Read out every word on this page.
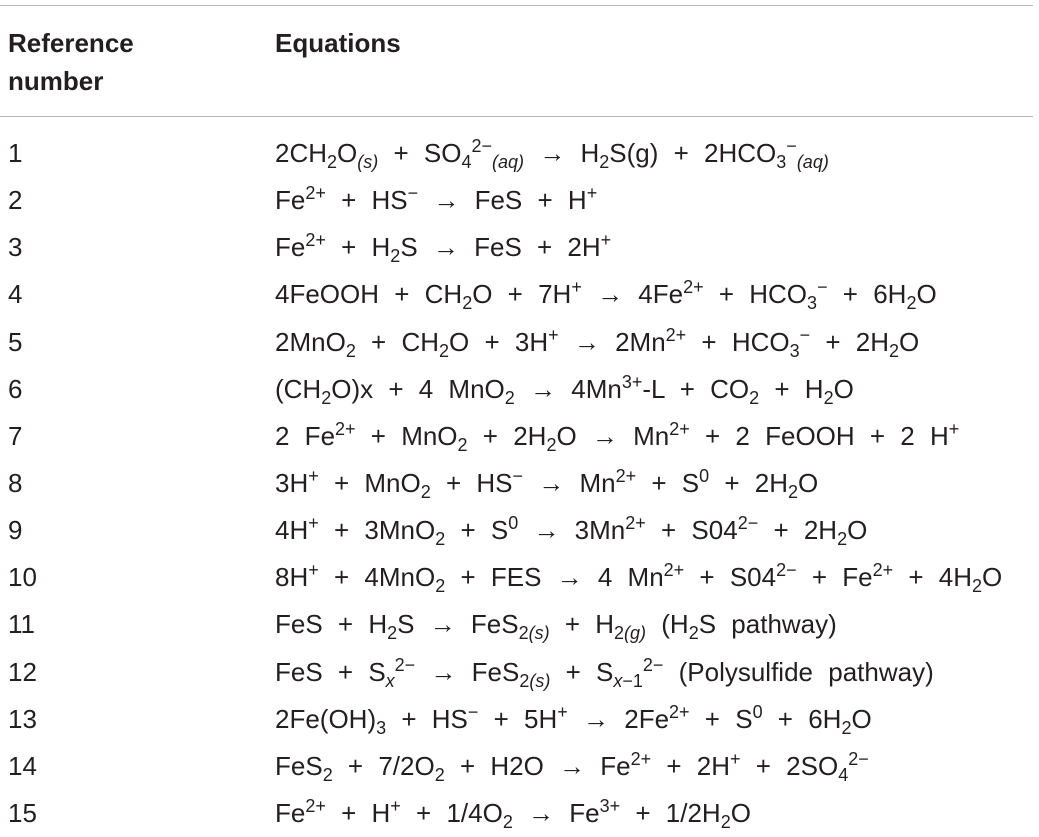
Reference number
Equations
1	$2CH_2O_{(s)} + SO_4^{2-}_{(aq)} \to H_2S(g) + 2HCO_3^-_{(aq)}$
2	$Fe^{2+} + HS^-$ → FeS + H+
3	$Fe^{2+} + H_2S$ → FeS + 2H+
4	4FeOOH + $CH_2O + 7H^+ \to 4Fe^{2+} + HCO_3^- + 6H_2O$
5	$2MnO_2 + CH_2O + 3H^+ \to 2Mn^{2+} + HCO_3^- + 2H_2O$
6	$(CH_2O)x + 4$ $MnO_2 \to 4Mn^{3+}-L + CO_2 + H_2O$
7	2 $Fe^{2+} + MnO_2 + 2H_2O \to Mn^{2+} + 2$ FeOOH + 2 H+
8	$3H^+ + MnO_2 + HS^- \to Mn^{2+} + S^0 + 2H_2O$
9	$4H^+ + 3MnO_2 + S^0 \to 3Mn^{2+} + S04^{2-} + 2H_2O$
10	8H+ + 4MnO$_2$ + FES → 4 $Mn^{2+} + S04^{2-} + Fe^{2+} + 4H_2O$
11	FeS + $H_2S \to FeS_{2(s)} + H_{2(g)}$ ($H_2S$ pathway)
12	FeS + $S_x^{2-} \to FeS_{2(s)} + S_{x-1}^{2-}$ (Polysulfide pathway)
13	$2Fe(OH)_3 + HS^- + 5H^+ \to 2Fe^{2+} + S^0 + 6H_2O$
14	$FeS_2 + 7/2O_2 + H2O \to Fe^{2+} + 2H^+ + 2SO_4^{2-}$
15	$Fe^{2+} + H^+ + 1/4O_2 \to Fe^{3+} + 1/2H_2O$
